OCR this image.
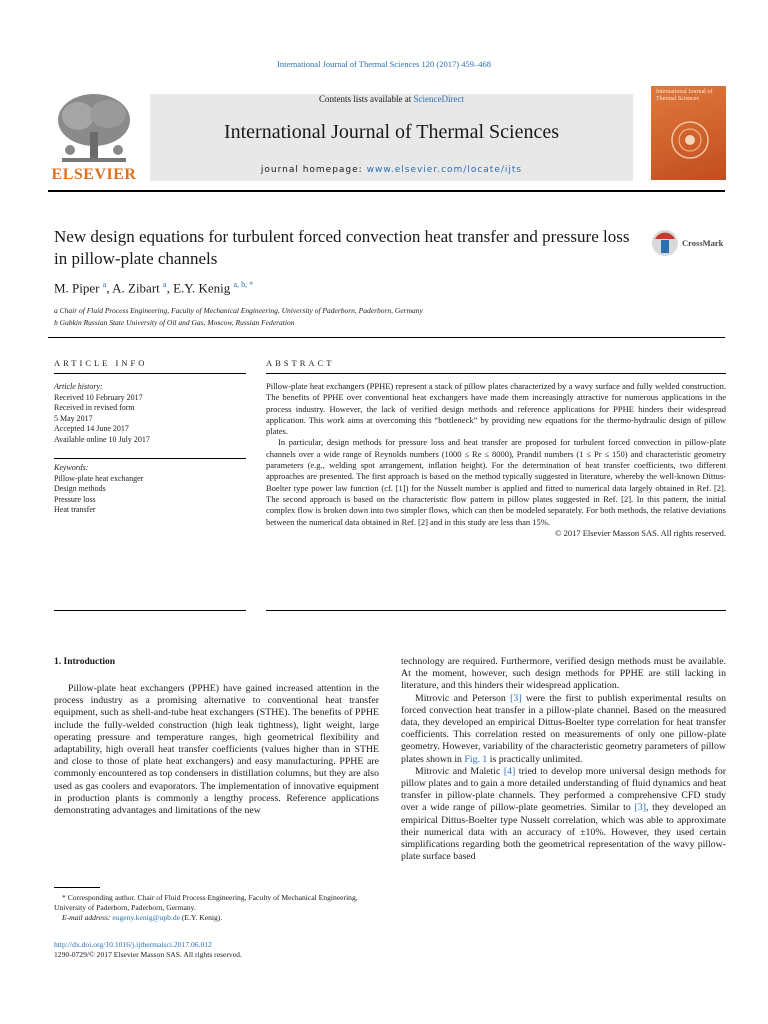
International Journal of Thermal Sciences 120 (2017) 459–468
Contents lists available at ScienceDirect
International Journal of Thermal Sciences
journal homepage: www.elsevier.com/locate/ijts
ELSEVIER
International Journal of Thermal Sciences
New design equations for turbulent forced convection heat transfer and pressure loss in pillow-plate channels
CrossMark
M. Piper $^a$, A. Zibart $^a$, E.Y. Kenig $^{a, b, *}$
a Chair of Fluid Process Engineering, Faculty of Mechanical Engineering, University of Paderborn, Paderborn, Germany
b Gubkin Russian State University of Oil and Gas, Moscow, Russian Federation
ARTICLE INFO	ABSTRACT
Article history:
Received 10 February 2017
Received in revised form
5 May 2017
Accepted 14 June 2017
Available online 10 July 2017
Keywords:
Pillow-plate heat exchanger
Design methods
Pressure loss
Heat transfer

Pillow-plate heat exchangers (PPHE) represent a stack of pillow plates characterized by a wavy surface and fully welded construction. The benefits of PPHE over conventional heat exchangers have made them increasingly attractive for numerous applications in the process industry. However, the lack of verified design methods and reference applications for PPHE hinders their widespread application. This work aims at overcoming this “bottleneck” by providing new equations for the thermo-hydraulic design of pillow plates.

In particular, design methods for pressure loss and heat transfer are proposed for turbulent forced convection in pillow-plate channels over a wide range of Reynolds numbers (1000 ≤ Re ≤ 8000), Prandtl numbers (1 ≤ Pr ≤ 150) and characteristic geometry parameters (e.g., welding spot arrangement, inflation height). For the determination of heat transfer coefficients, two different approaches are presented. The first approach is based on the method typically suggested in literature, whereby the well-known Dittus-Boelter type power law function (cf. [1]) for the Nusselt number is applied and fitted to numerical data largely obtained in Ref. [2]. The second approach is based on the characteristic flow pattern in pillow plates suggested in Ref. [2]. In this pattern, the initial complex flow is broken down into two simpler flows, which can then be modeled separately. For both methods, the relative deviations between the numerical data obtained in Ref. [2] and in this study are less than 15%.

© 2017 Elsevier Masson SAS. All rights reserved.

1. Introduction

Pillow-plate heat exchangers (PPHE) have gained increased attention in the process industry as a promising alternative to conventional heat transfer equipment, such as shell-and-tube heat exchangers (STHE). The benefits of PPHE include the fully-welded construction (high leak tightness), light weight, large operating pressure and temperature ranges, high geometrical flexibility and adaptability, high overall heat transfer coefficients (values higher than in STHE and close to those of plate heat exchangers) and easy manufacturing. PPHE are commonly encountered as top condensers in distillation columns, but they are also used as gas coolers and evaporators. The implementation of innovative equipment in production plants is commonly a lengthy process. Reference applications demonstrating advantages and limitations of the new

technology are required. Furthermore, verified design methods must be available. At the moment, however, such design methods for PPHE are still lacking in literature, and this hinders their widespread application.

Mitrovic and Peterson [3] were the first to publish experimental results on forced convection heat transfer in a pillow-plate channel. Based on the measured data, they developed an empirical Dittus-Boelter type correlation for heat transfer coefficients. This correlation rested on measurements of only one pillow-plate geometry. However, variability of the characteristic geometry parameters of pillow plates shown in Fig. 1 is practically unlimited.

Mitrovic and Maletic [4] tried to develop more universal design methods for pillow plates and to gain a more detailed understanding of fluid dynamics and heat transfer in pillow-plate channels. They performed a comprehensive CFD study over a wide range of pillow-plate geometries. Similar to [3], they developed an empirical Dittus-Boelter type Nusselt correlation, which was able to approximate their numerical data with an accuracy of ±10%. However, they used certain simplifications regarding both the geometrical representation of the wavy pillow-plate surface based

* Corresponding author. Chair of Fluid Process Engineering, Faculty of Mechanical Engineering, University of Paderborn, Paderborn, Germany.
E-mail address: eugeny.kenig@upb.de (E.Y. Kenig).
http://dx.doi.org/10.1016/j.ijthermalsci.2017.06.012
1290-0729/© 2017 Elsevier Masson SAS. All rights reserved.
